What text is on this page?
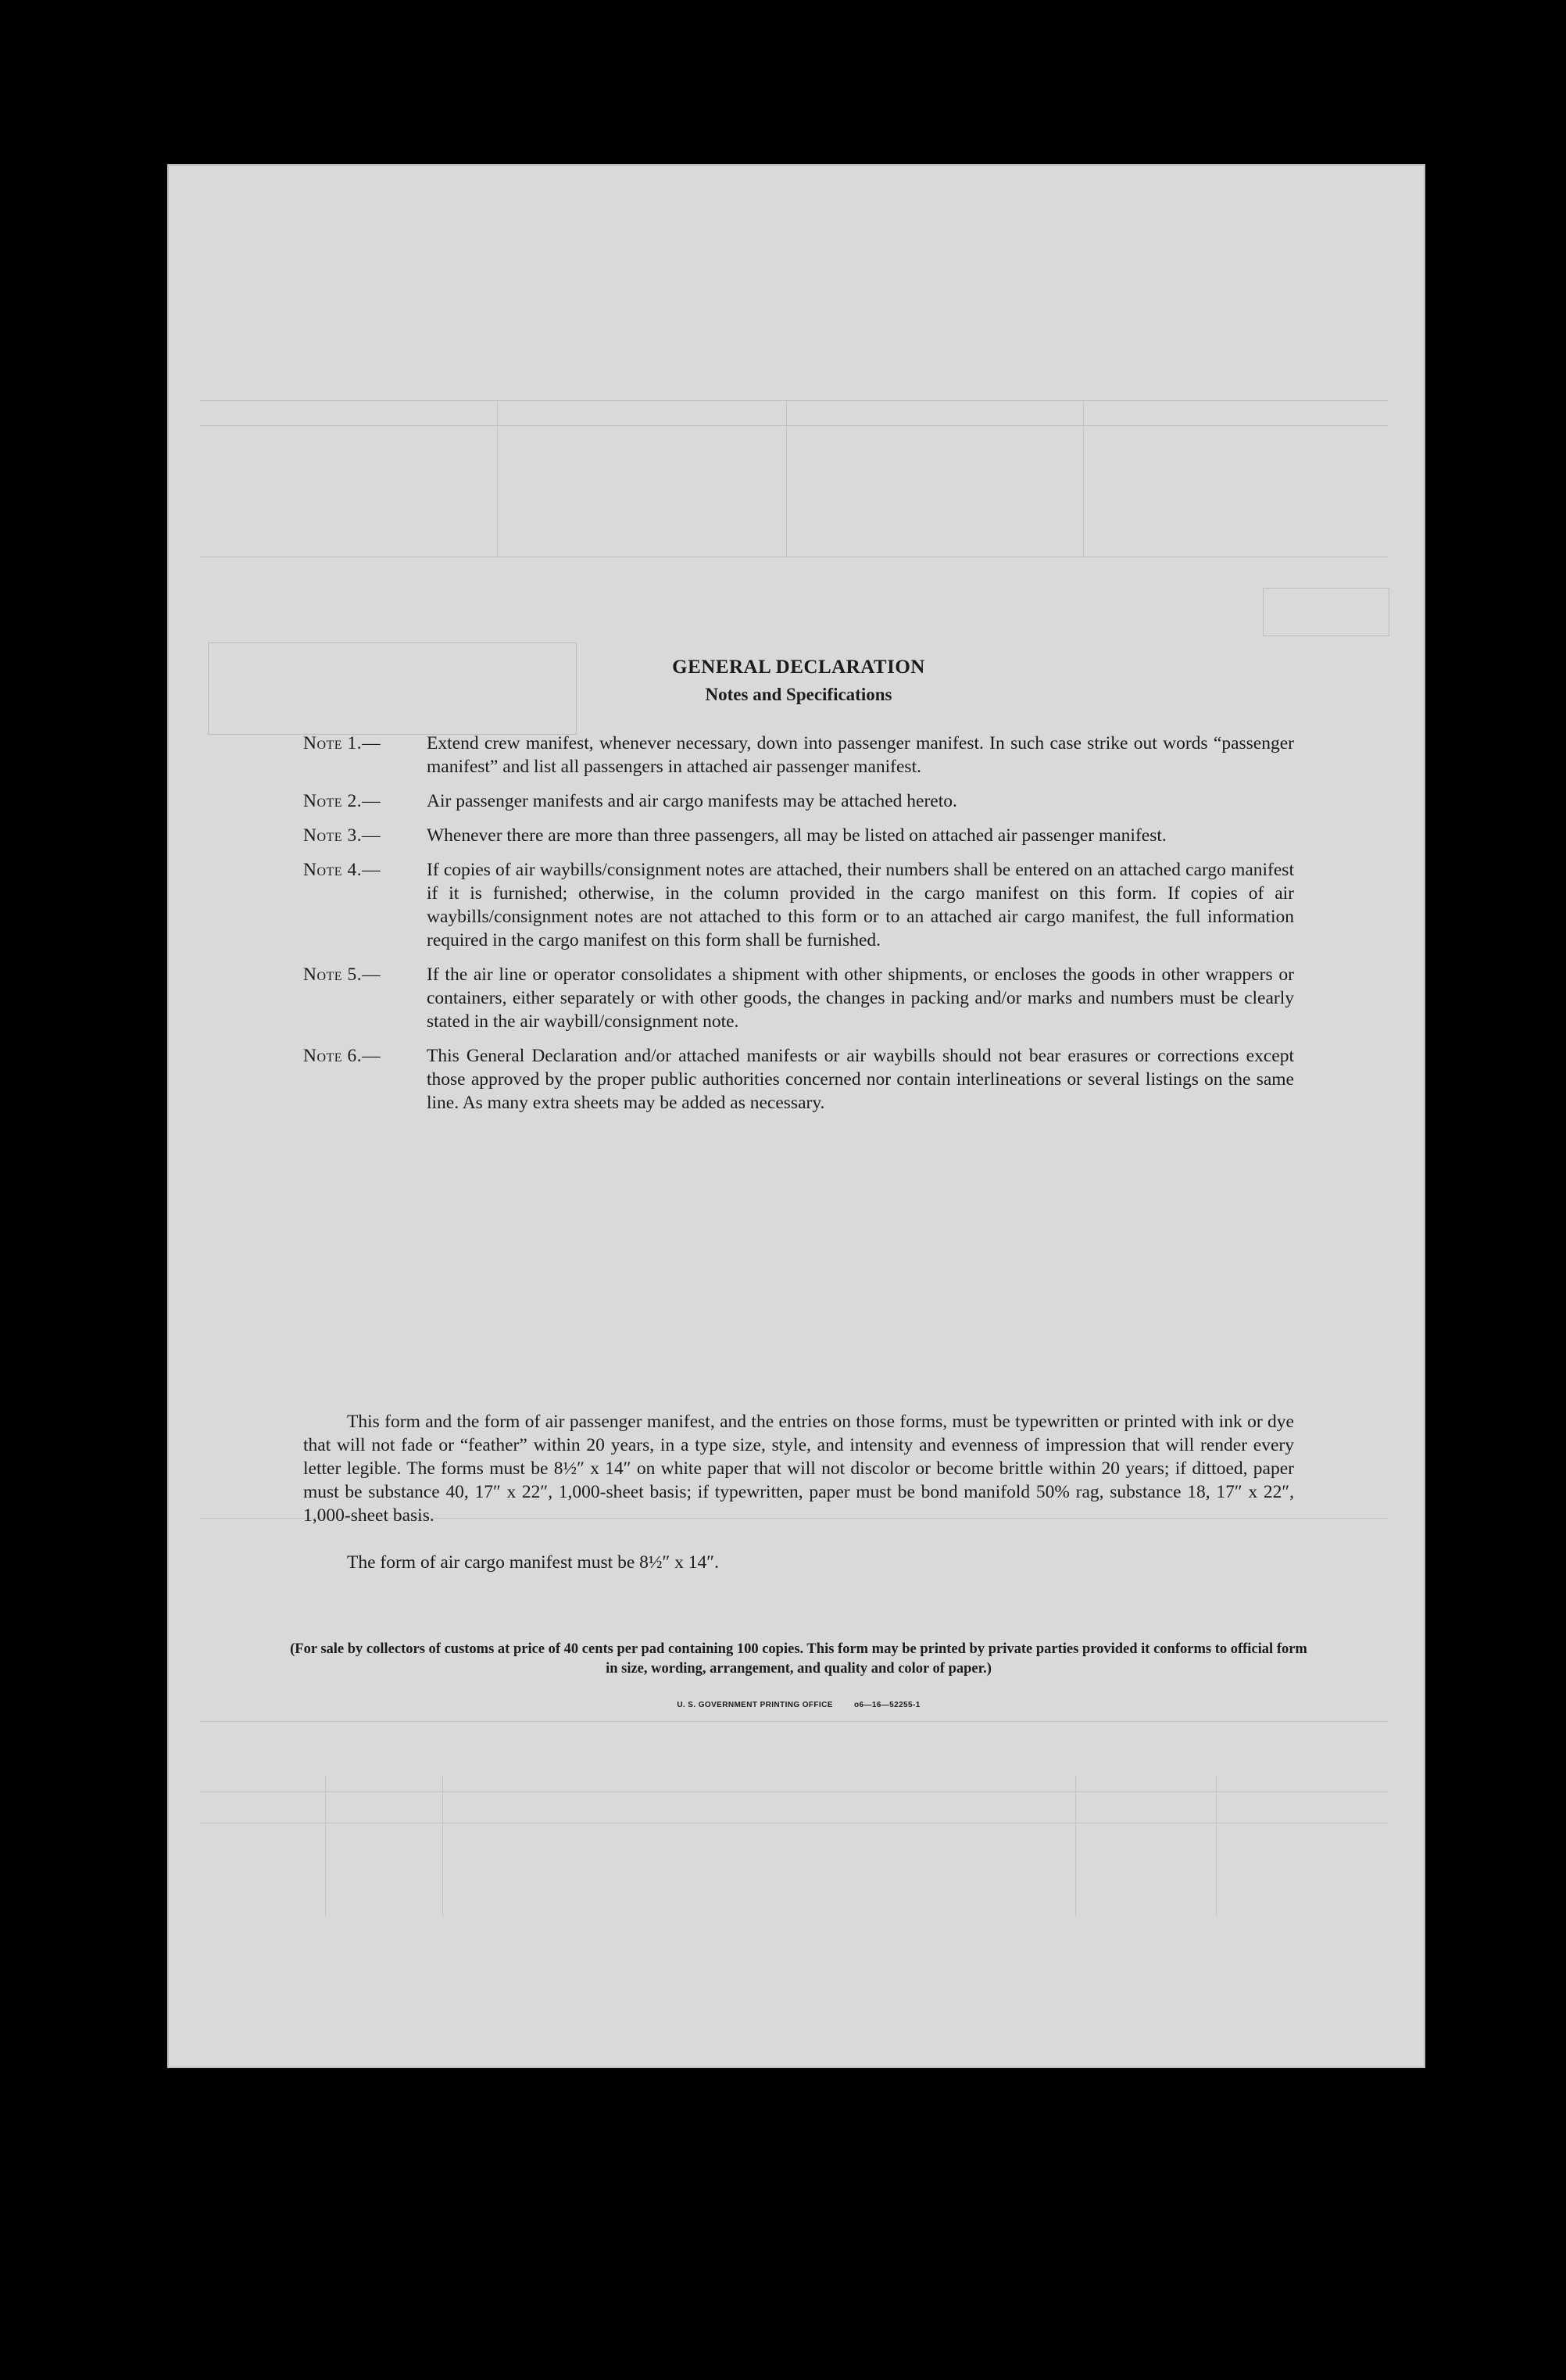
GENERAL DECLARATION
Notes and Specifications
Note 1.—	Extend crew manifest, whenever necessary, down into passenger manifest. In such case strike out words “passenger manifest” and list all passengers in attached air passenger manifest.
Note 2.—	Air passenger manifests and air cargo manifests may be attached hereto.
Note 3.—	Whenever there are more than three passengers, all may be listed on attached air passenger manifest.
Note 4.—	If copies of air waybills/consignment notes are attached, their numbers shall be entered on an attached cargo manifest if it is furnished; otherwise, in the column provided in the cargo manifest on this form. If copies of air waybills/consignment notes are not attached to this form or to an attached air cargo manifest, the full information required in the cargo manifest on this form shall be furnished.
Note 5.—	If the air line or operator consolidates a shipment with other shipments, or encloses the goods in other wrappers or containers, either separately or with other goods, the changes in packing and/or marks and numbers must be clearly stated in the air waybill/consignment note.
Note 6.—	This General Declaration and/or attached manifests or air waybills should not bear erasures or corrections except those approved by the proper public authorities concerned nor contain interlineations or several listings on the same line. As many extra sheets may be added as necessary.
This form and the form of air passenger manifest, and the entries on those forms, must be typewritten or printed with ink or dye that will not fade or “feather” within 20 years, in a type size, style, and intensity and evenness of impression that will render every letter legible. The forms must be 8½″ x 14″ on white paper that will not discolor or become brittle within 20 years; if dittoed, paper must be substance 40, 17″ x 22″, 1,000-sheet basis; if typewritten, paper must be bond manifold 50% rag, substance 18, 17″ x 22″, 1,000-sheet basis.
The form of air cargo manifest must be 8½″ x 14″.
(For sale by collectors of customs at price of 40 cents per pad containing 100 copies. This form may be printed by private parties provided it conforms to official form in size, wording, arrangement, and quality and color of paper.)
U. S. GOVERNMENT PRINTING OFFICE	o6—16—52255-1
